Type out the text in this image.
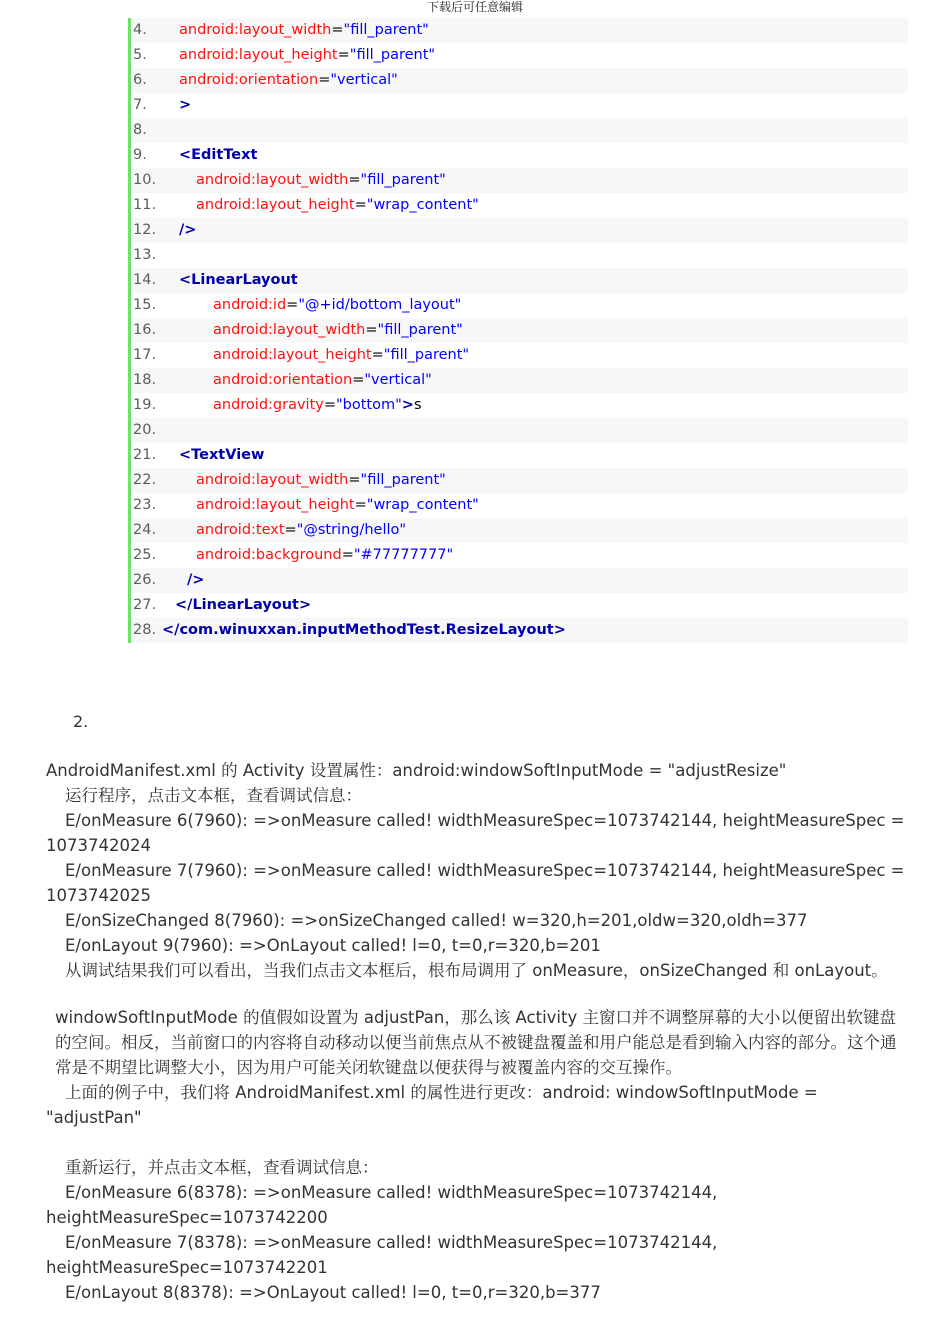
下载后可任意编辑
4. android:layout_width="fill_parent"
5. android:layout_height="fill_parent"
6. android:orientation="vertical"
7. >
8.
9. <EditText
10.	android:layout_width="fill_parent"
11.	android:layout_height="wrap_content"
12. />
13.
14. <LinearLayout
15.	android:id="@+id/bottom_layout"
16.	android:layout_width="fill_parent"
17.	android:layout_height="fill_parent"
18.	android:orientation="vertical"
19.	android:gravity="bottom">s
20.
21. <TextView
22.	android:layout_width="fill_parent"
23.	android:layout_height="wrap_content"
24.	android:text="@string/hello"
25.	android:background="#77777777"
26. />
27. </LinearLayout>
28. </com.winuxxan.inputMethodTest.ResizeLayout>
2.

AndroidManifest.xml 的 Activity 设置属性：android:windowSoftInputMode = "adjustResize"

运行程序，点击文本框，查看调试信息：

E/onMeasure 6(7960): =>onMeasure called! widthMeasureSpec=1073742144, heightMeasureSpec =

1073742024

E/onMeasure 7(7960): =>onMeasure called! widthMeasureSpec=1073742144, heightMeasureSpec =

1073742025

E/onSizeChanged 8(7960): =>onSizeChanged called! w=320,h=201,oldw=320,oldh=377

E/onLayout 9(7960): =>OnLayout called! l=0, t=0,r=320,b=201

从调试结果我们可以看出，当我们点击文本框后，根布局调用了 onMeasure，onSizeChanged 和 onLayout。

windowSoftInputMode 的值假如设置为 adjustPan，那么该 Activity 主窗口并不调整屏幕的大小以便留出软键盘的空间。相反，当前窗口的内容将自动移动以便当前焦点从不被键盘覆盖和用户能总是看到输入内容的部分。这个通常是不期望比调整大小，因为用户可能关闭软键盘以便获得与被覆盖内容的交互操作。

上面的例子中，我们将 AndroidManifest.xml 的属性进行更改：android: windowSoftInputMode =

"adjustPan"

重新运行，并点击文本框，查看调试信息：

E/onMeasure 6(8378): =>onMeasure called! widthMeasureSpec=1073742144,

heightMeasureSpec=1073742200

E/onMeasure 7(8378): =>onMeasure called! widthMeasureSpec=1073742144,

heightMeasureSpec=1073742201

E/onLayout 8(8378): =>OnLayout called! l=0, t=0,r=320,b=377
